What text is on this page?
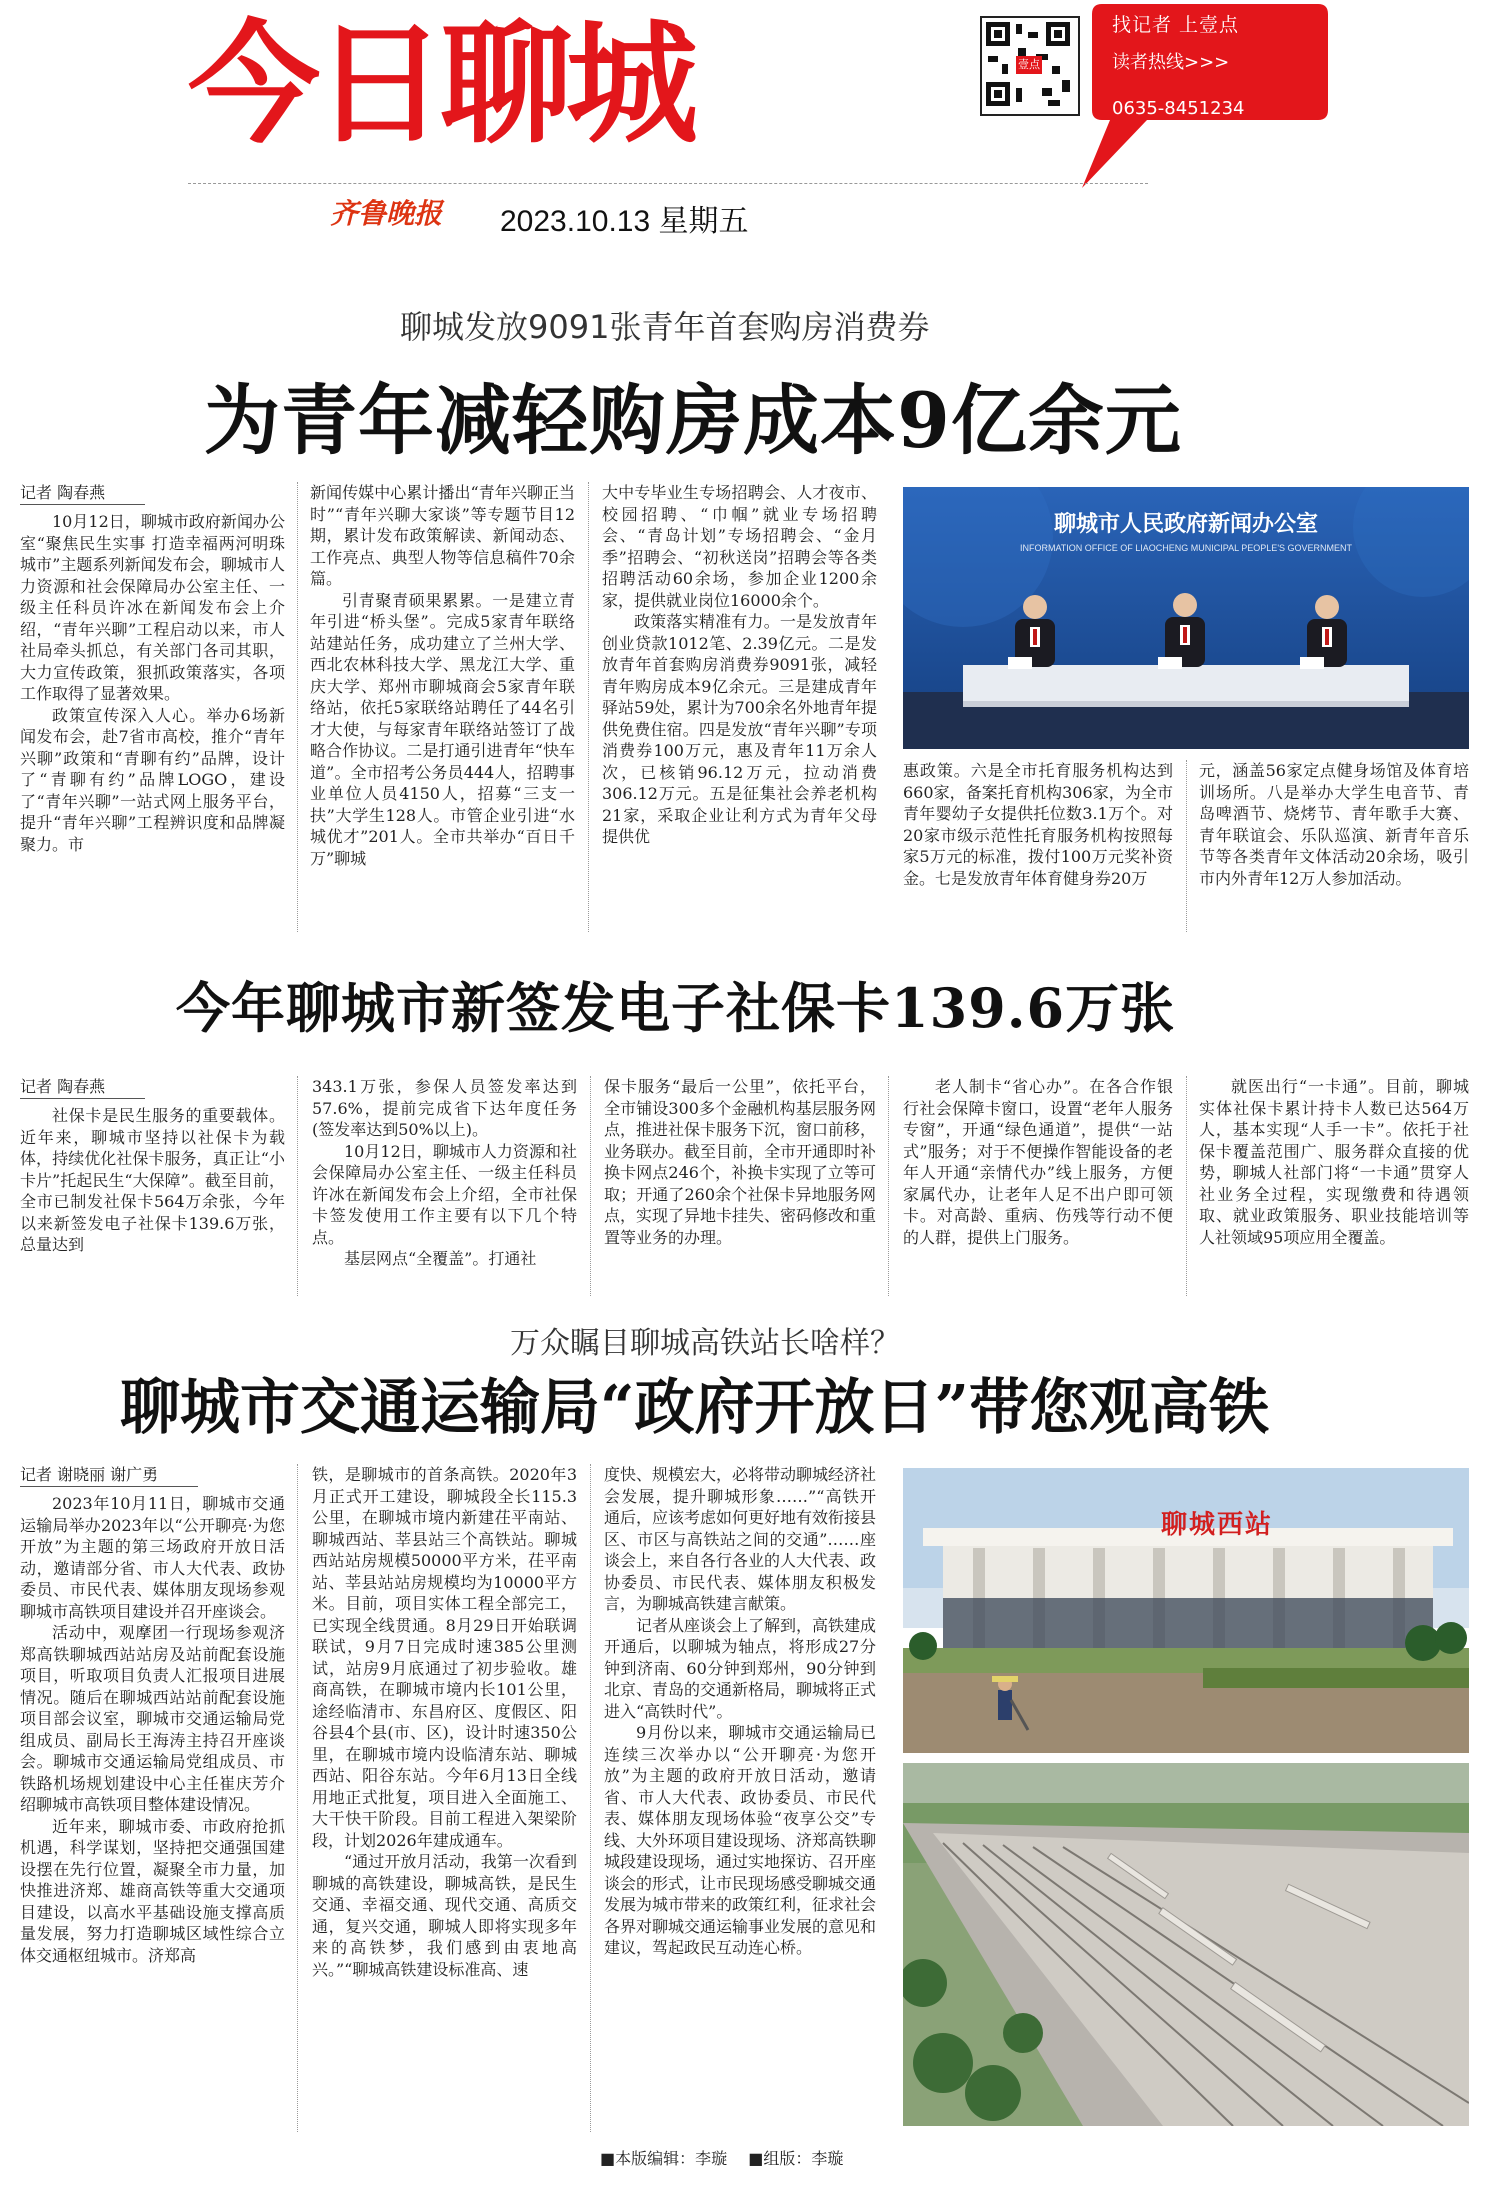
今日聊城	壹点
找记者 上壹点
读者热线>>>
0635-8451234
齐鲁晚报 2023.10.13 星期五
聊城发放9091张青年首套购房消费券
为青年减轻购房成本9亿余元
记者 陶春燕

10月12日，聊城市政府新闻办公室“聚焦民生实事 打造幸福两河明珠城市”主题系列新闻发布会，聊城市人力资源和社会保障局办公室主任、一级主任科员许冰在新闻发布会上介绍，“青年兴聊”工程启动以来，市人社局牵头抓总，有关部门各司其职，大力宣传政策，狠抓政策落实，各项工作取得了显著效果。

政策宣传深入人心。举办6场新闻发布会，赴7省市高校，推介“青年兴聊”政策和“青聊有约”品牌，设计了“青聊有约”品牌LOGO，建设了“青年兴聊”一站式网上服务平台，提升“青年兴聊”工程辨识度和品牌凝聚力。市

新闻传媒中心累计播出“青年兴聊正当时”“青年兴聊大家谈”等专题节目12期，累计发布政策解读、新闻动态、工作亮点、典型人物等信息稿件70余篇。

引青聚青硕果累累。一是建立青年引进“桥头堡”。完成5家青年联络站建站任务，成功建立了兰州大学、西北农林科技大学、黑龙江大学、重庆大学、郑州市聊城商会5家青年联络站，依托5家联络站聘任了44名引才大使，与每家青年联络站签订了战略合作协议。二是打通引进青年“快车道”。全市招考公务员444人，招聘事业单位人员4150人，招募“三支一扶”大学生128人。市管企业引进“水城优才”201人。全市共举办“百日千万”聊城

大中专毕业生专场招聘会、人才夜市、校园招聘、“巾帼”就业专场招聘会、“青岛计划”专场招聘会、“金月季”招聘会、“初秋送岗”招聘会等各类招聘活动60余场，参加企业1200余家，提供就业岗位16000余个。

政策落实精准有力。一是发放青年创业贷款1012笔、2.39亿元。二是发放青年首套购房消费券9091张，减轻青年购房成本9亿余元。三是建成青年驿站59处，累计为700余名外地青年提供免费住宿。四是发放“青年兴聊”专项消费券100万元，惠及青年11万余人次，已核销96.12万元，拉动消费306.12万元。五是征集社会养老机构21家，采取企业让利方式为青年父母提供优

聊城市人民政府新闻办公室
INFORMATION OFFICE OF LIAOCHENG MUNICIPAL PEOPLE'S GOVERNMENT

惠政策。六是全市托育服务机构达到660家，备案托育机构306家，为全市青年婴幼子女提供托位数3.1万个。对20家市级示范性托育服务机构按照每家5万元的标准，拨付100万元奖补资金。七是发放青年体育健身券20万

元，涵盖56家定点健身场馆及体育培训场所。八是举办大学生电音节、青岛啤酒节、烧烤节、青年歌手大赛、青年联谊会、乐队巡演、新青年音乐节等各类青年文体活动20余场，吸引市内外青年12万人参加活动。

今年聊城市新签发电子社保卡139.6万张
记者 陶春燕

社保卡是民生服务的重要载体。近年来，聊城市坚持以社保卡为载体，持续优化社保卡服务，真正让“小卡片”托起民生“大保障”。截至目前，全市已制发社保卡564万余张，今年以来新签发电子社保卡139.6万张，总量达到

343.1万张，参保人员签发率达到57.6%，提前完成省下达年度任务(签发率达到50%以上)。

10月12日，聊城市人力资源和社会保障局办公室主任、一级主任科员许冰在新闻发布会上介绍，全市社保卡签发使用工作主要有以下几个特点。

基层网点“全覆盖”。打通社

保卡服务“最后一公里”，依托平台，全市铺设300多个金融机构基层服务网点，推进社保卡服务下沉，窗口前移，业务联办。截至目前，全市开通即时补换卡网点246个，补换卡实现了立等可取；开通了260余个社保卡异地服务网点，实现了异地卡挂失、密码修改和重置等业务的办理。

老人制卡“省心办”。在各合作银行社会保障卡窗口，设置“老年人服务专窗”，开通“绿色通道”，提供“一站式”服务；对于不便操作智能设备的老年人开通“亲情代办”线上服务，方便家属代办，让老年人足不出户即可领卡。对高龄、重病、伤残等行动不便的人群，提供上门服务。

就医出行“一卡通”。目前，聊城实体社保卡累计持卡人数已达564万人，基本实现“人手一卡”。依托于社保卡覆盖范围广、服务群众直接的优势，聊城人社部门将“一卡通”贯穿人社业务全过程，实现缴费和待遇领取、就业政策服务、职业技能培训等人社领域95项应用全覆盖。

万众瞩目聊城高铁站长啥样？
聊城市交通运输局“政府开放日”带您观高铁
记者 谢晓丽 谢广勇

2023年10月11日，聊城市交通运输局举办2023年以“公开聊亮·为您开放”为主题的第三场政府开放日活动，邀请部分省、市人大代表、政协委员、市民代表、媒体朋友现场参观聊城市高铁项目建设并召开座谈会。

活动中，观摩团一行现场参观济郑高铁聊城西站站房及站前配套设施项目，听取项目负责人汇报项目进展情况。随后在聊城西站站前配套设施项目部会议室，聊城市交通运输局党组成员、副局长王海涛主持召开座谈会。聊城市交通运输局党组成员、市铁路机场规划建设中心主任崔庆芳介绍聊城市高铁项目整体建设情况。

近年来，聊城市委、市政府抢抓机遇，科学谋划，坚持把交通强国建设摆在先行位置，凝聚全市力量，加快推进济郑、雄商高铁等重大交通项目建设，以高水平基础设施支撑高质量发展，努力打造聊城区域性综合立体交通枢纽城市。济郑高

铁，是聊城市的首条高铁。2020年3月正式开工建设，聊城段全长115.3公里，在聊城市境内新建茌平南站、聊城西站、莘县站三个高铁站。聊城西站站房规模50000平方米，茌平南站、莘县站站房规模均为10000平方米。目前，项目实体工程全部完工，已实现全线贯通。8月29日开始联调联试，9月7日完成时速385公里测试，站房9月底通过了初步验收。雄商高铁，在聊城市境内长101公里，途经临清市、东昌府区、度假区、阳谷县4个县(市、区)，设计时速350公里，在聊城市境内设临清东站、聊城西站、阳谷东站。今年6月13日全线用地正式批复，项目进入全面施工、大干快干阶段。目前工程进入架梁阶段，计划2026年建成通车。

“通过开放月活动，我第一次看到聊城的高铁建设，聊城高铁，是民生交通、幸福交通、现代交通、高质交通，复兴交通，聊城人即将实现多年来的高铁梦，我们感到由衷地高兴。”“聊城高铁建设标准高、速

度快、规模宏大，必将带动聊城经济社会发展，提升聊城形象……”“高铁开通后，应该考虑如何更好地有效衔接县区、市区与高铁站之间的交通”……座谈会上，来自各行各业的人大代表、政协委员、市民代表、媒体朋友积极发言，为聊城高铁建言献策。

记者从座谈会上了解到，高铁建成开通后，以聊城为轴点，将形成27分钟到济南、60分钟到郑州，90分钟到北京、青岛的交通新格局，聊城将正式进入“高铁时代”。

9月份以来，聊城市交通运输局已连续三次举办以“公开聊亮·为您开放”为主题的政府开放日活动，邀请省、市人大代表、政协委员、市民代表、媒体朋友现场体验“夜享公交”专线、大外环项目建设现场、济郑高铁聊城段建设现场，通过实地探访、召开座谈会的形式，让市民现场感受聊城交通发展为城市带来的政策红利，征求社会各界对聊城交通运输事业发展的意见和建议，驾起政民互动连心桥。

聊城西站
■本版编辑：李璇 ■组版：李璇
